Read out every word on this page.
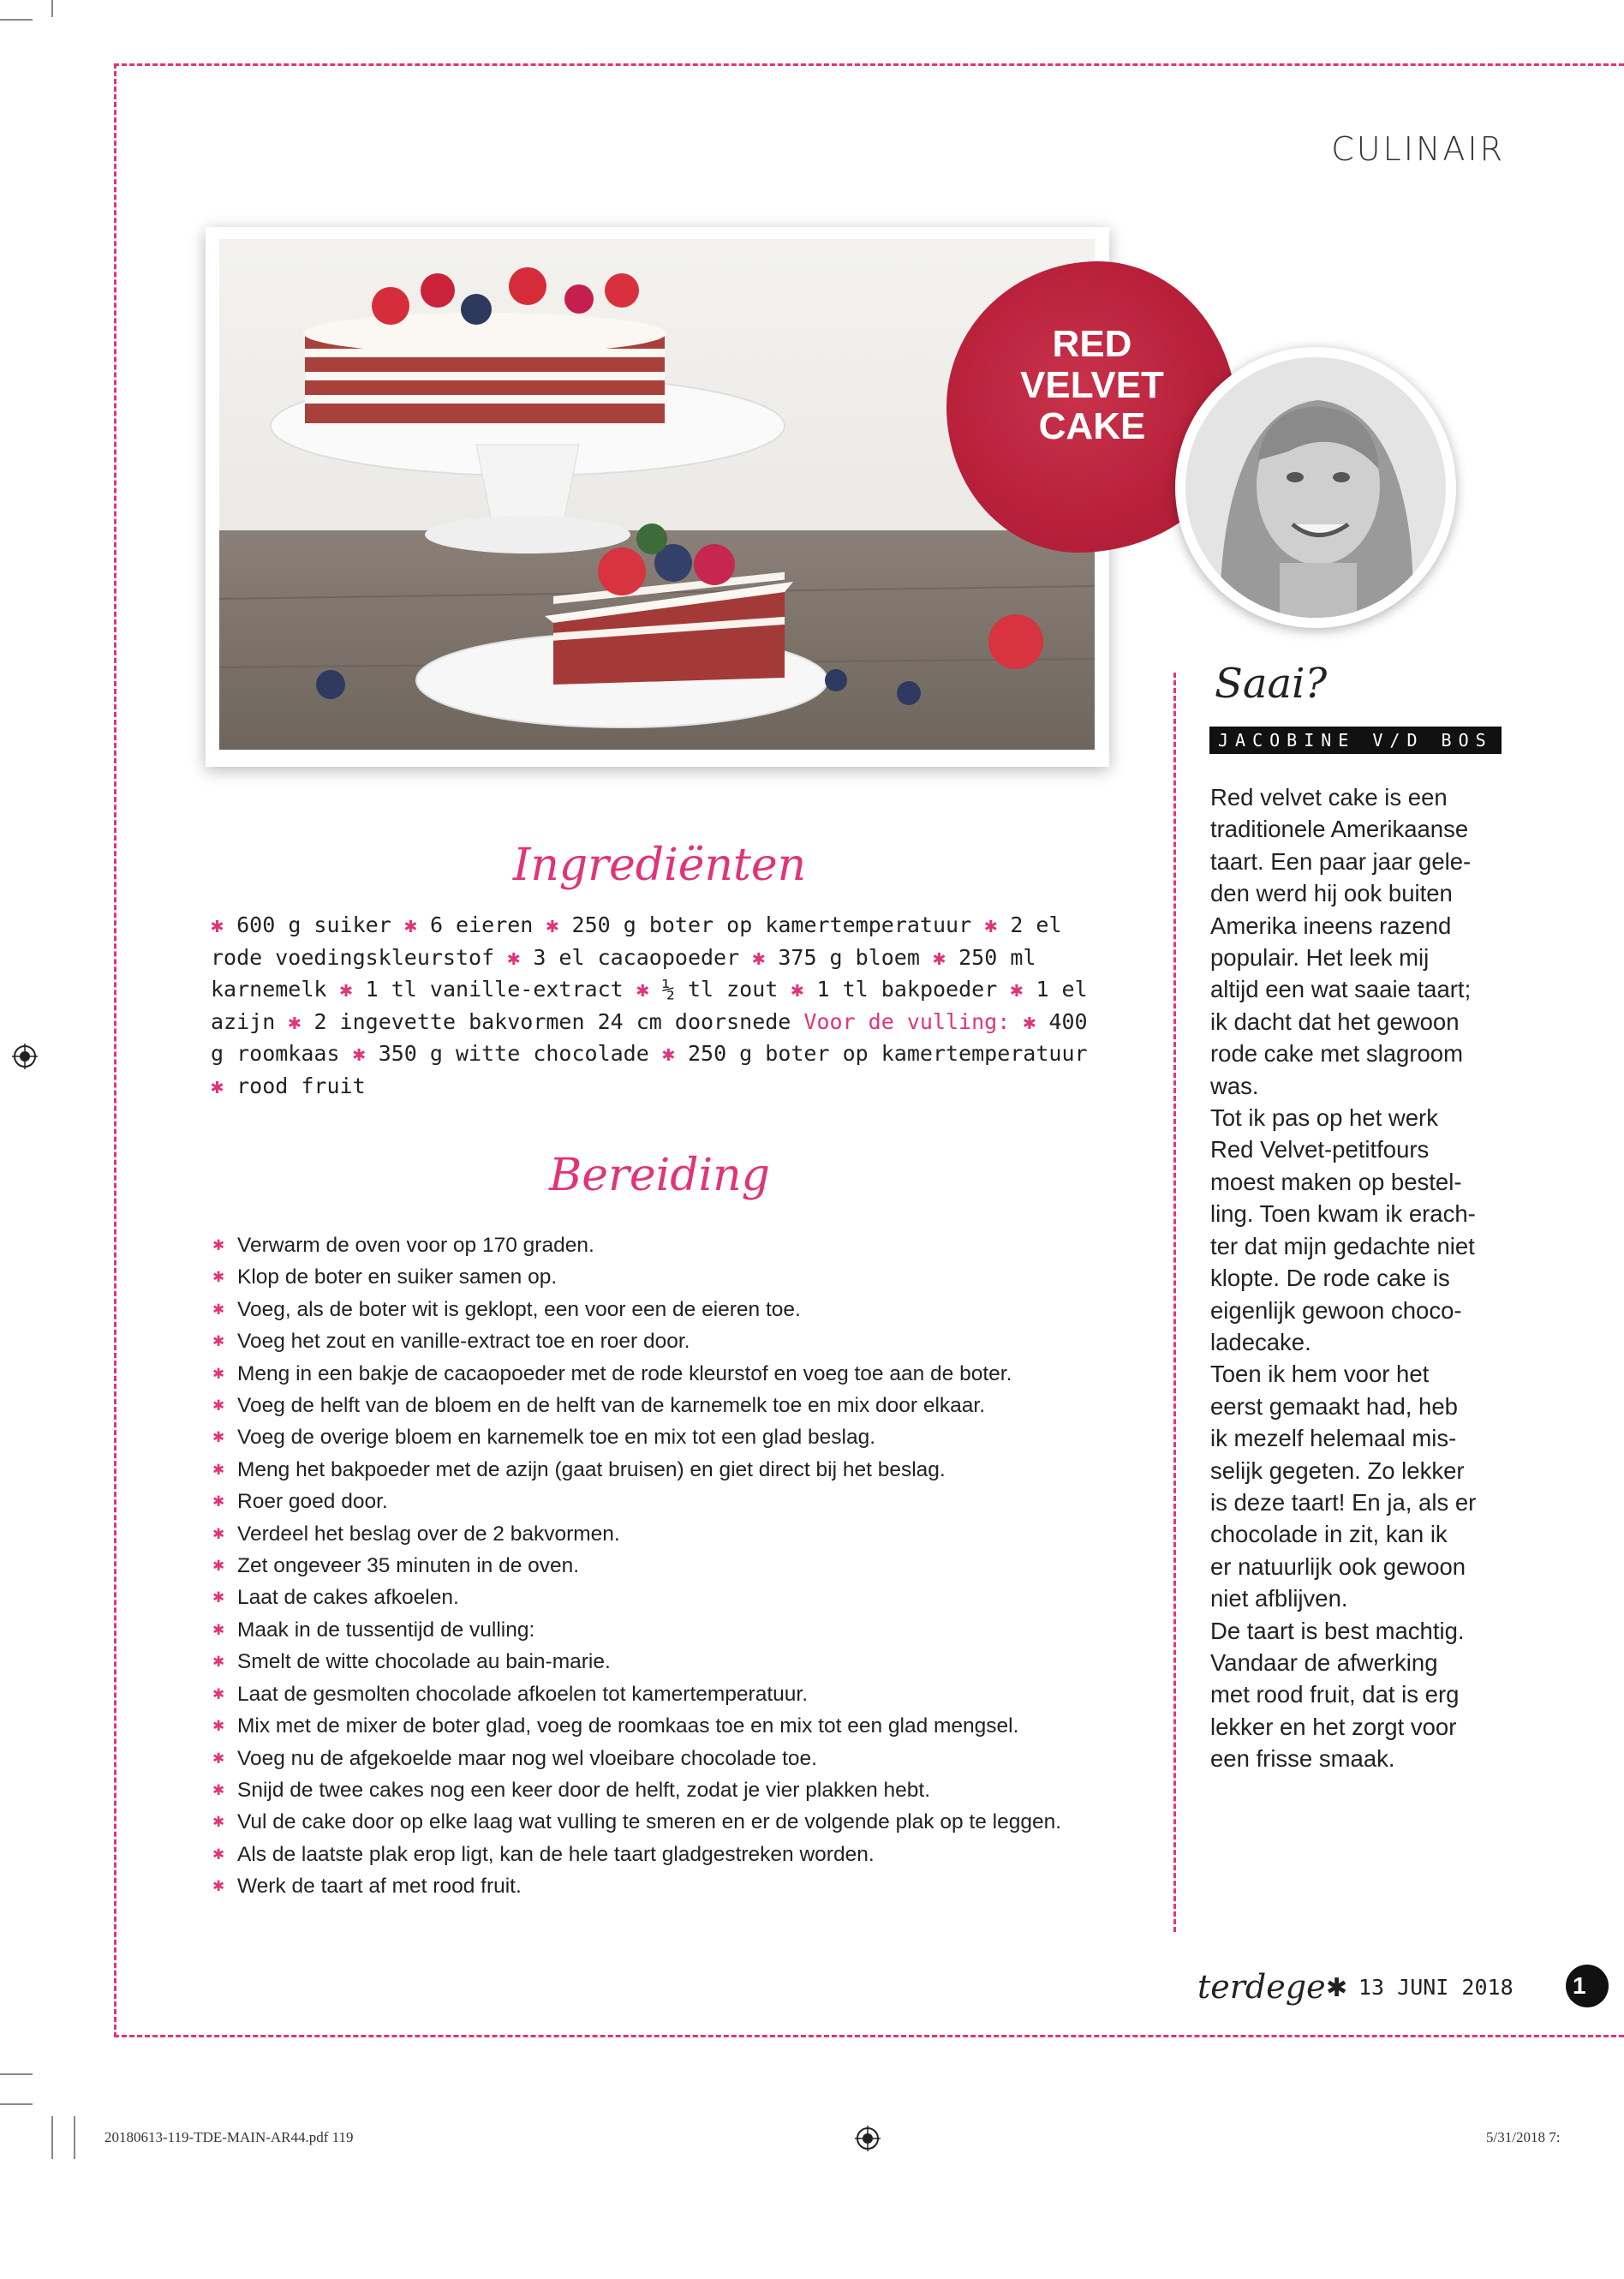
CULINAIR
RED
VELVET
CAKE
Saai?
JACOBINE V/D BOS

Red velvet cake is een

traditionele Amerikaanse

taart. Een paar jaar gele-

den werd hij ook buiten

Amerika ineens razend

populair. Het leek mij

altijd een wat saaie taart;

ik dacht dat het gewoon

rode cake met slagroom

was.

Tot ik pas op het werk

Red Velvet-petitfours

moest maken op bestel-

ling. Toen kwam ik erach-

ter dat mijn gedachte niet

klopte. De rode cake is

eigenlijk gewoon choco-

ladecake.

Toen ik hem voor het

eerst gemaakt had, heb

ik mezelf helemaal mis-

selijk gegeten. Zo lekker

is deze taart! En ja, als er

chocolade in zit, kan ik

er natuurlijk ook gewoon

niet afblijven.

De taart is best machtig.

Vandaar de afwerking

met rood fruit, dat is erg

lekker en het zorgt voor

een frisse smaak.

Ingrediënten
✱ 600 g suiker ✱ 6 eieren ✱ 250 g boter op kamertemperatuur ✱ 2 el rode voedingskleurstof ✱ 3 el cacaopoeder ✱ 375 g bloem ✱ 250 ml karnemelk ✱ 1 tl vanille-extract ✱ ½ tl zout ✱ 1 tl bakpoeder ✱ 1 el azijn ✱ 2 ingevette bakvormen 24 cm doorsnede Voor de vulling: ✱ 400 g roomkaas ✱ 350 g witte chocolade ✱ 250 g boter op kamertemperatuur ✱ rood fruit
Bereiding
✱ Verwarm de oven voor op 170 graden.
✱ Klop de boter en suiker samen op.
✱ Voeg, als de boter wit is geklopt, een voor een de eieren toe.
✱ Voeg het zout en vanille-extract toe en roer door.
✱ Meng in een bakje de cacaopoeder met de rode kleurstof en voeg toe aan de boter.
✱ Voeg de helft van de bloem en de helft van de karnemelk toe en mix door elkaar.
✱ Voeg de overige bloem en karnemelk toe en mix tot een glad beslag.
✱ Meng het bakpoeder met de azijn (gaat bruisen) en giet direct bij het beslag.
✱ Roer goed door.
✱ Verdeel het beslag over de 2 bakvormen.
✱ Zet ongeveer 35 minuten in de oven.
✱ Laat de cakes afkoelen.
✱ Maak in de tussentijd de vulling:
✱ Smelt de witte chocolade au bain-marie.
✱ Laat de gesmolten chocolade afkoelen tot kamertemperatuur.
✱ Mix met de mixer de boter glad, voeg de roomkaas toe en mix tot een glad mengsel.
✱ Voeg nu de afgekoelde maar nog wel vloeibare chocolade toe.
✱ Snijd de twee cakes nog een keer door de helft, zodat je vier plakken hebt.
✱ Vul de cake door op elke laag wat vulling te smeren en er de volgende plak op te leggen.
✱ Als de laatste plak erop ligt, kan de hele taart gladgestreken worden.
✱ Werk de taart af met rood fruit.
terdege ✱ 13 JUNI 2018 1
20180613-119-TDE-MAIN-AR44.pdf 119	5/31/2018 7:
